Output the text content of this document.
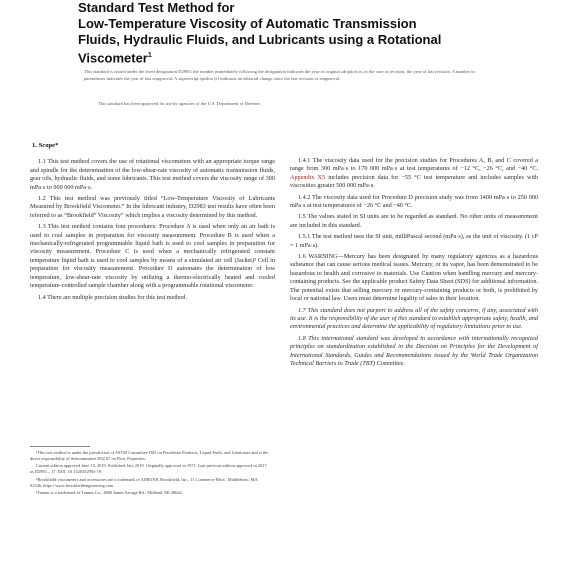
Standard Test Method for
Low-Temperature Viscosity of Automatic Transmission
Fluids, Hydraulic Fluids, and Lubricants using a Rotational
Viscometer$^1$
This standard is issued under the fixed designation D2983; the number immediately following the designation indicates the year of original adoption or, in the case of revision, the year of last revision. A number in parentheses indicates the year of last reapproval. A superscript epsilon (ε) indicates an editorial change since the last revision or reapproval.
This standard has been approved for use by agencies of the U.S. Department of Defense.
1. Scope*

1.1 This test method covers the use of rotational viscometers with an appropriate torque range and spindle for the determination of the low-shear-rate viscosity of automatic transmission fluids, gear oils, hydraulic fluids, and some lubricants. This test method covers the viscosity range of 300 mPa·s to 900 000 mPa·s.

1.2 This test method was previously titled “Low-Temperature Viscosity of Lubricants Measured by Brookfield Viscometer.” In the lubricant industry, D2983 test results have often been referred to as “Brookfield” Viscosity” which implies a viscosity determined by this method.

1.3 This test method contains four procedures: Procedure A is used when only an air bath is used to cool samples in preparation for viscosity measurement. Procedure B is used when a mechanically-refrigerated programmable liquid bath is used to cool samples in preparation for viscosity measurement. Procedure C is used when a mechanically refrigerated constant temperature liquid bath is used to cool samples by means of a simulated air cell (Jacket)³ Cell in preparation for viscosity measurement. Procedure D automates the determination of low temperature, low-shear-rate viscosity by utilizing a thermo-electrically heated and cooled temperature-controlled sample chamber along with a programmable rotational viscometer.

1.4 There are multiple precision studies for this test method.

¹This test method is under the jurisdiction of ASTM Committee D02 on Petroleum Products, Liquid Fuels, and Lubricants and is the direct responsibility of Subcommittee D02.07 on Flow Properties.

Current edition approved June 15, 2019. Published July 2019. Originally approved in 1971. Last previous edition approved in 2017 as D2983 – 17. DOI: 10.1520/D2983-19.

²Brookfield viscometers and accessories are a trademark of AMETEK Brookfield, Inc., 11 Commerce Blvd., Middleboro, MA 02346, https://www.brookfieldengineering.com.

³Tannas is a trademark of Tannas Co., 4800 James Savage Rd., Midland, MI 48642.

1.4.1 The viscosity data used for the precision studies for Procedures A, B, and C covered a range from 300 mPa·s to 170 000 mPa·s at test temperatures of −12 °C, −26 °C, and −40 °C. Appendix X5 includes precision data for −55 °C test temperature and includes samples with viscosities greater 500 000 mPa·s.

1.4.2 The viscosity data used for Procedure D precision study was from 1400 mPa·s to 250 000 mPa·s at test temperatures of −26 °C and −40 °C.

1.5 The values stated in SI units are to be regarded as standard. No other units of measurement are included in this standard.

1.5.1 The test method uses the SI unit, milliPascal second (mPa·s), as the unit of viscosity. (1 cP = 1 mPa·s).

1.6 WARNING—Mercury has been designated by many regulatory agencies as a hazardous substance that can cause serious medical issues. Mercury, or its vapor, has been demonstrated to be hazardous to health and corrosive to materials. Use Caution when handling mercury and mercury-containing products. See the applicable product Safety Data Sheet (SDS) for additional information. The potential exists that selling mercury or mercury-containing products or both, is prohibited by local or national law. Users must determine legality of sales in their location.

1.7 This standard does not purport to address all of the safety concerns, if any, associated with its use. It is the responsibility of the user of this standard to establish appropriate safety, health, and environmental practices and determine the applicability of regulatory limitations prior to use.

1.8 This international standard was developed in accordance with internationally recognized principles on standardization established in the Decision on Principles for the Development of International Standards, Guides and Recommendations issued by the World Trade Organization Technical Barriers to Trade (TBT) Committee.
